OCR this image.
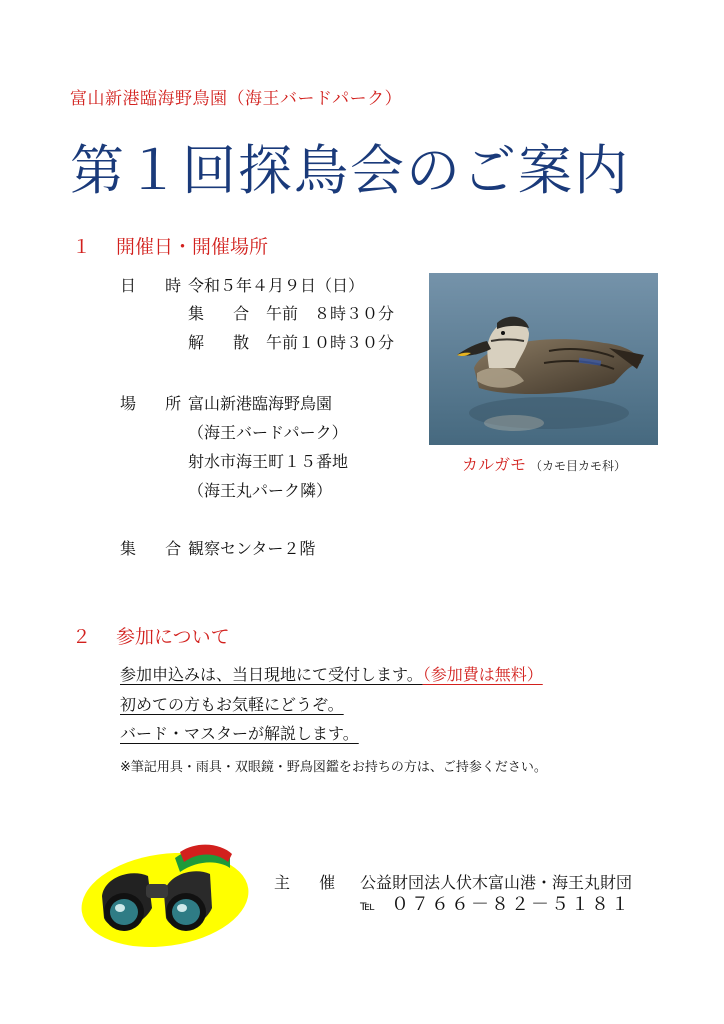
富山新港臨海野鳥園（海王バードパーク）
第１回探鳥会のご案内
１ 開催日・開催場所
日 時令和５年４月９日（日）
集 合 午前　８時３０分
解 散 午前１０時３０分
場 所富山新港臨海野鳥園
（海王バードパーク）
射水市海王町１５番地
（海王丸パーク隣）
集 合観察センター２階
カルガモ （カモ目カモ科）
２ 参加について
参加申込みは、当日現地にて受付します。（参加費は無料）
初めての方もお気軽にどうぞ。
バード・マスターが解説します。
※筆記用具・雨具・双眼鏡・野鳥図鑑をお持ちの方は、ご持参ください。
主 催 公益財団法人伏木富山港・海王丸財団
℡ ０７６６－８２－５１８１
